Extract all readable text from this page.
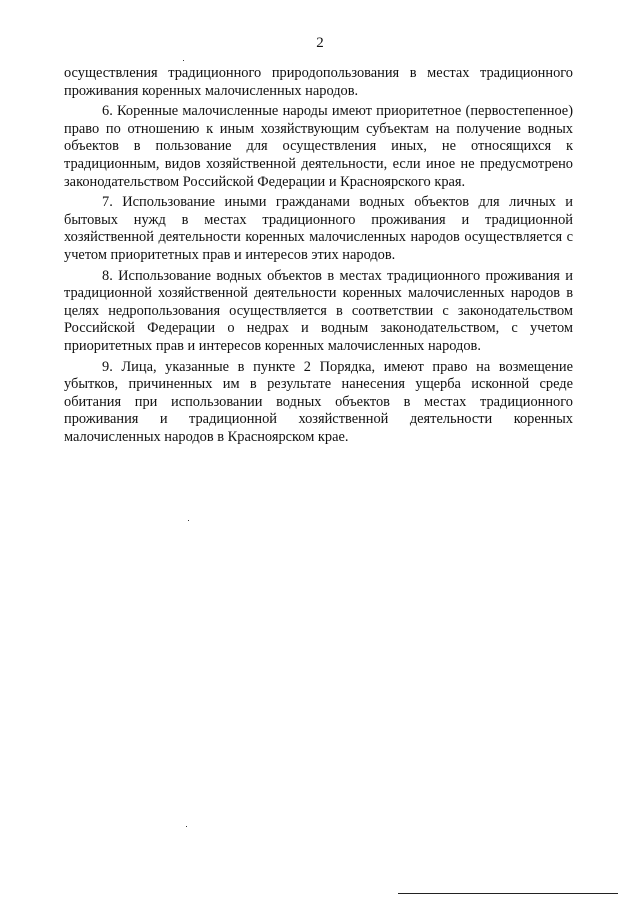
2

осуществления традиционного природопользования в местах традиционного проживания коренных малочисленных народов.

6. Коренные малочисленные народы имеют приоритетное (первостепенное) право по отношению к иным хозяйствующим субъектам на получение водных объектов в пользование для осуществления иных, не относящихся к традиционным, видов хозяйственной деятельности, если иное не предусмотрено законодательством Российской Федерации и Красноярского края.

7. Использование иными гражданами водных объектов для личных и бытовых нужд в местах традиционного проживания и традиционной хозяйственной деятельности коренных малочисленных народов осуществляется с учетом приоритетных прав и интересов этих народов.

8. Использование водных объектов в местах традиционного проживания и традиционной хозяйственной деятельности коренных малочисленных народов в целях недропользования осуществляется в соответствии с законодательством Российской Федерации о недрах и водным законодательством, с учетом приоритетных прав и интересов коренных малочисленных народов.

9. Лица, указанные в пункте 2 Порядка, имеют право на возмещение убытков, причиненных им в результате нанесения ущерба исконной среде обитания при использовании водных объектов в местах традиционного проживания и традиционной хозяйственной деятельности коренных малочисленных народов в Красноярском крае.
